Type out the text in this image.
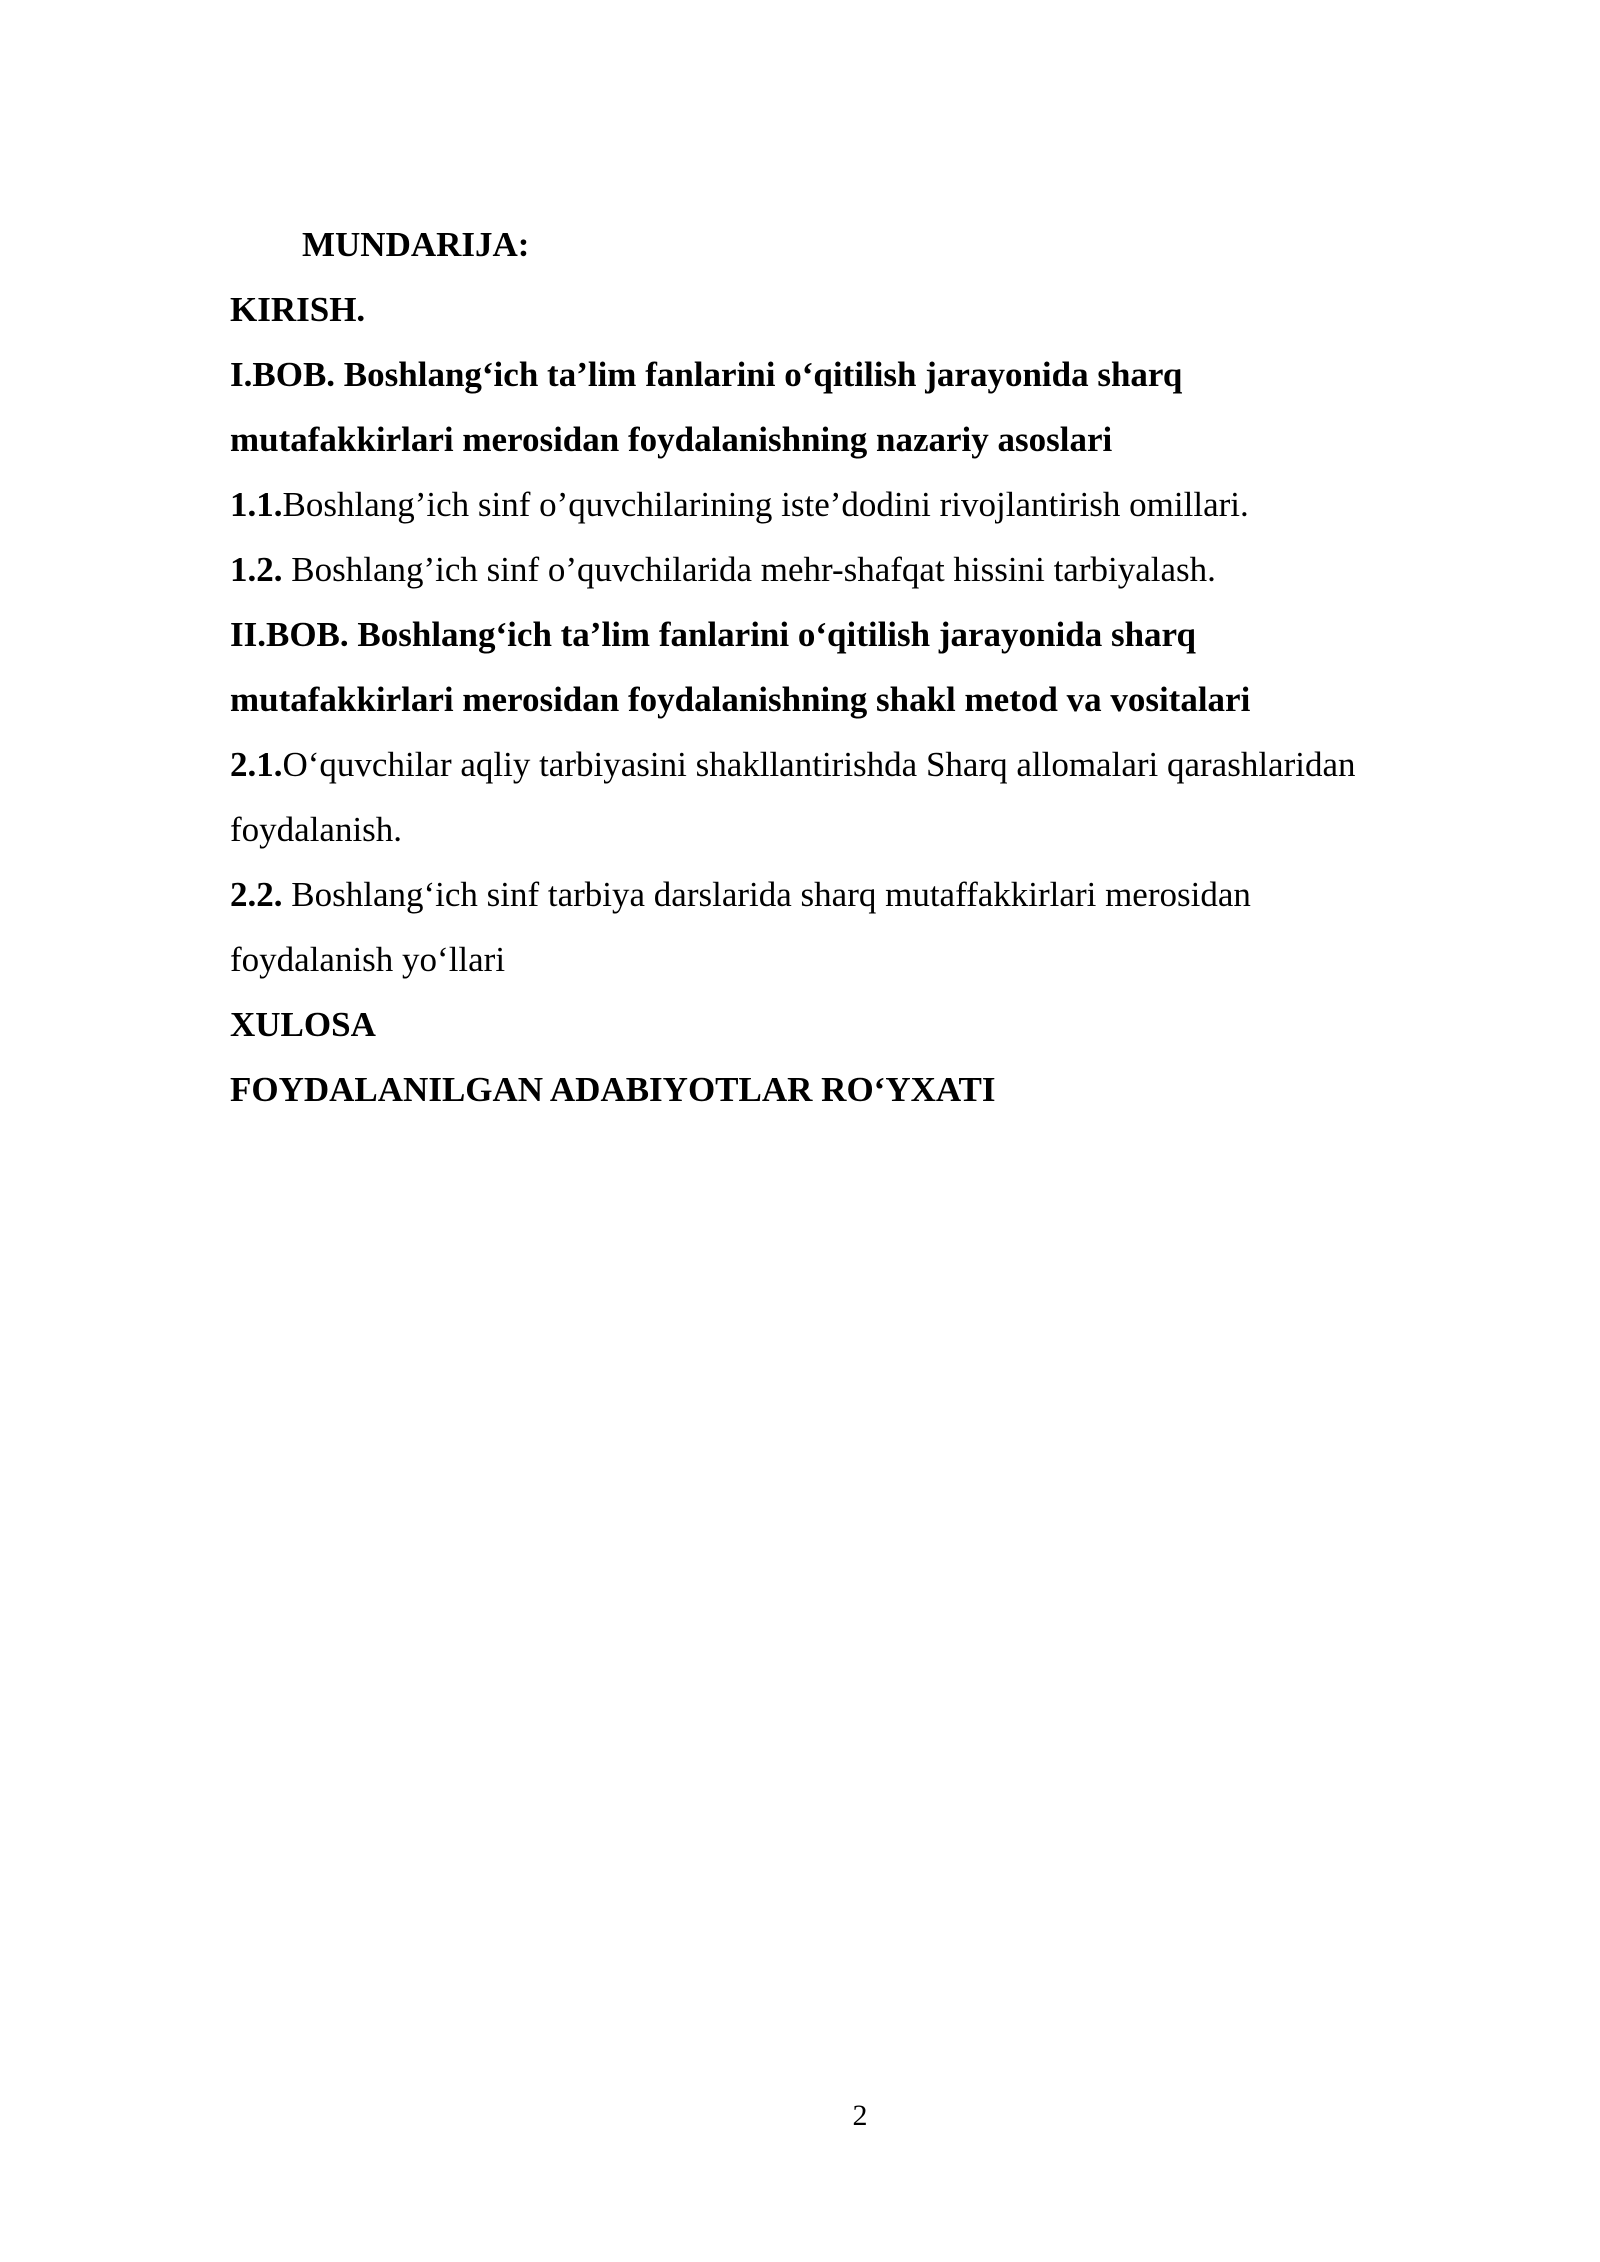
MUNDARIJA:

KIRISH.

I.BOB. Boshlang‘ich ta’lim fanlarini o‘qitilish jarayonida sharq

mutafakkirlari merosidan foydalanishning nazariy asoslari

1.1.Boshlang’ich sinf o’quvchilarining iste’dodini rivojlantirish omillari.

1.2. Boshlang’ich sinf o’quvchilarida mehr-shafqat hissini tarbiyalash.

II.BOB. Boshlang‘ich ta’lim fanlarini o‘qitilish jarayonida sharq

mutafakkirlari merosidan foydalanishning shakl metod va vositalari

2.1.O‘quvchilar aqliy tarbiyasini shakllantirishda Sharq allomalari qarashlaridan

foydalanish.

2.2. Boshlang‘ich sinf tarbiya darslarida sharq mutaffakkirlari merosidan

foydalanish yo‘llari

XULOSA

FOYDALANILGAN ADABIYOTLAR RO‘YXATI

2
